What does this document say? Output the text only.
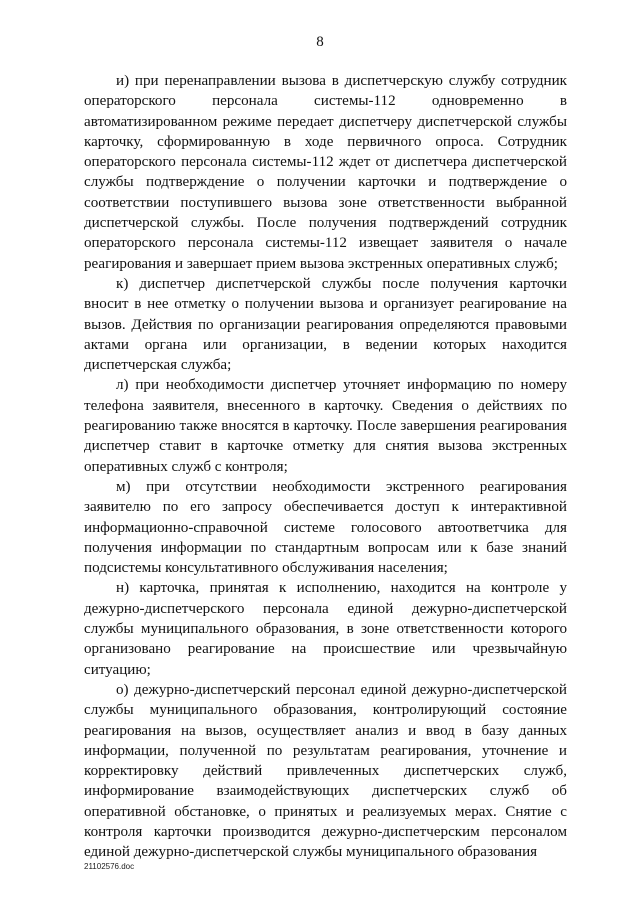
8

и) при перенаправлении вызова в диспетчерскую службу сотрудник операторского персонала системы-112 одновременно в автоматизированном режиме передает диспетчеру диспетчерской службы карточку, сформированную в ходе первичного опроса. Сотрудник операторского персонала системы-112 ждет от диспетчера диспетчерской службы подтверждение о получении карточки и подтверждение о соответствии поступившего вызова зоне ответственности выбранной диспетчерской службы. После получения подтверждений сотрудник операторского персонала системы-112 извещает заявителя о начале реагирования и завершает прием вызова экстренных оперативных служб;

к) диспетчер диспетчерской службы после получения карточки вносит в нее отметку о получении вызова и организует реагирование на вызов. Действия по организации реагирования определяются правовыми актами органа или организации, в ведении которых находится диспетчерская служба;

л) при необходимости диспетчер уточняет информацию по номеру телефона заявителя, внесенного в карточку. Сведения о действиях по реагированию также вносятся в карточку. После завершения реагирования диспетчер ставит в карточке отметку для снятия вызова экстренных оперативных служб с контроля;

м) при отсутствии необходимости экстренного реагирования заявителю по его запросу обеспечивается доступ к интерактивной информационно-справочной системе голосового автоответчика для получения информации по стандартным вопросам или к базе знаний подсистемы консультативного обслуживания населения;

н) карточка, принятая к исполнению, находится на контроле у дежурно-диспетчерского персонала единой дежурно-диспетчерской службы муниципального образования, в зоне ответственности которого организовано реагирование на происшествие или чрезвычайную ситуацию;

о) дежурно-диспетчерский персонал единой дежурно-диспетчерской службы муниципального образования, контролирующий состояние реагирования на вызов, осуществляет анализ и ввод в базу данных информации, полученной по результатам реагирования, уточнение и корректировку действий привлеченных диспетчерских служб, информирование взаимодействующих диспетчерских служб об оперативной обстановке, о принятых и реализуемых мерах. Снятие с контроля карточки производится дежурно-диспетчерским персоналом единой дежурно-диспетчерской службы муниципального образования

21102576.doc
